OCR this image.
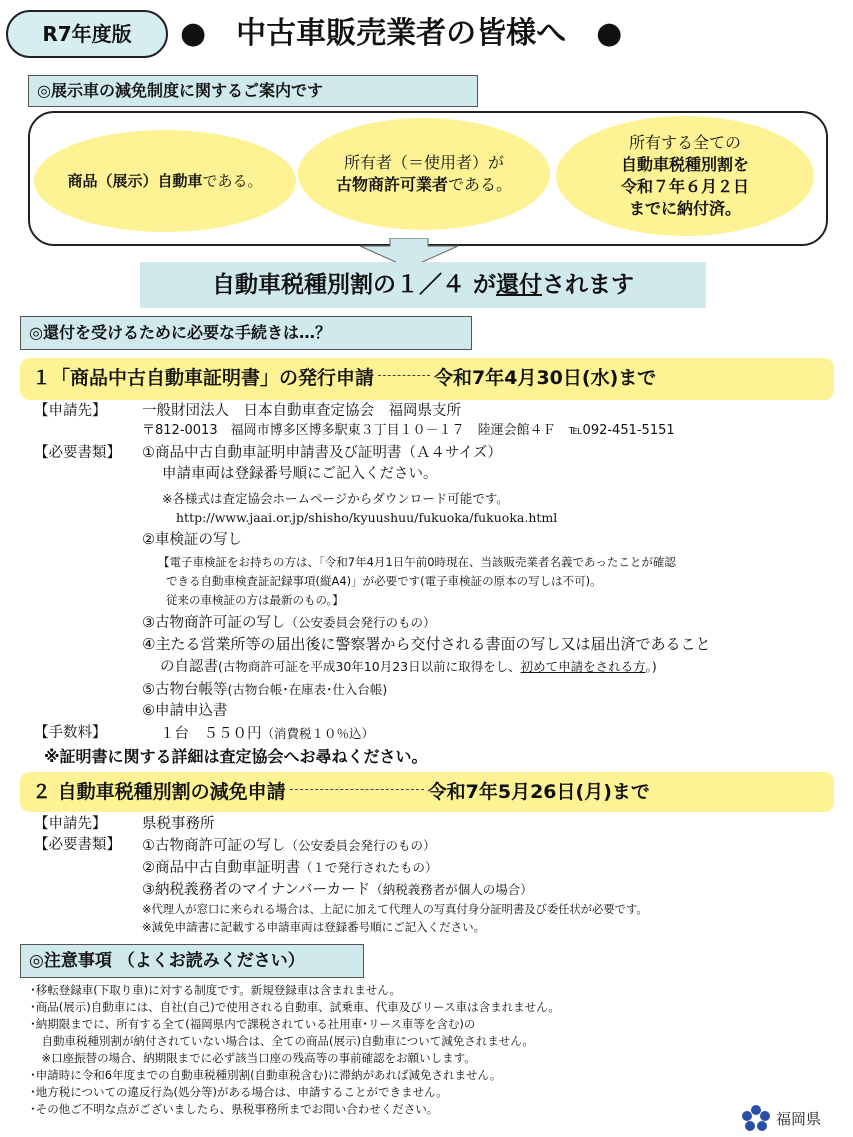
R7年度版	●　中古車販売業者の皆様へ　●
◎展示車の減免制度に関するご案内です
商品（展示）自動車である。
所有者（＝使用者）が
古物商許可業者である。
所有する全ての
自動車税種別割を
令和７年６月２日
までに納付済。
自動車税種別割の１／４ が還付されます
◎還付を受けるために必要な手続きは…？
１「商品中古自動車証明書」の発行申請	令和7年4月30日(水)まで
【申請先】 一般財団法人　日本自動車査定協会　福岡県支所
〒812-0013　福岡市博多区博多駅東３丁目１０－１７　陸運会館４Ｆ　℡092-451-5151
【必要書類】 ①商品中古自動車証明申請書及び証明書（Ａ４サイズ）
申請車両は登録番号順にご記入ください。
※各様式は査定協会ホームページからダウンロード可能です。
http://www.jaai.or.jp/shisho/kyuushuu/fukuoka/fukuoka.html
②車検証の写し
【電子車検証をお持ちの方は、「令和7年4月1日午前0時現在、当該販売業者名義であったことが確認
できる自動車検査証記録事項(縦A4)」が必要です(電子車検証の原本の写しは不可)。
従来の車検証の方は最新のもの。】
③古物商許可証の写し（公安委員会発行のもの）
④主たる営業所等の届出後に警察署から交付される書面の写し又は届出済であること
の自認書(古物商許可証を平成30年10月23日以前に取得をし、初めて申請をされる方。)
⑤古物台帳等(古物台帳･在庫表･仕入台帳)
⑥申請申込書
【手数料】	１台　５５０円（消費税１０％込）
※証明書に関する詳細は査定協会へお尋ねください。
２ 自動車税種別割の減免申請	令和7年5月26日(月)まで
【申請先】 県税事務所
【必要書類】 ①古物商許可証の写し（公安委員会発行のもの）
②商品中古自動車証明書（１で発行されたもの）
③納税義務者のマイナンバーカード（納税義務者が個人の場合）
※代理人が窓口に来られる場合は、上記に加えて代理人の写真付身分証明書及び委任状が必要です。
※減免申請書に記載する申請車両は登録番号順にご記入ください。
◎注意事項 （よくお読みください）
･移転登録車(下取り車)に対する制度です。新規登録車は含まれません。
･商品(展示)自動車には、自社(自己)で使用される自動車、試乗車、代車及びリース車は含まれません。
･納期限までに、所有する全て(福岡県内で課税されている社用車･リース車等を含む)の
　自動車税種別割が納付されていない場合は、全ての商品(展示)自動車について減免されません。
　※口座振替の場合、納期限までに必ず該当口座の残高等の事前確認をお願いします。
･申請時に令和6年度までの自動車税種別割(自動車税含む)に滞納があれば減免されません。
･地方税についての違反行為(処分等)がある場合は、申請することができません。
･その他ご不明な点がございましたら、県税事務所までお問い合わせください。
福岡県
